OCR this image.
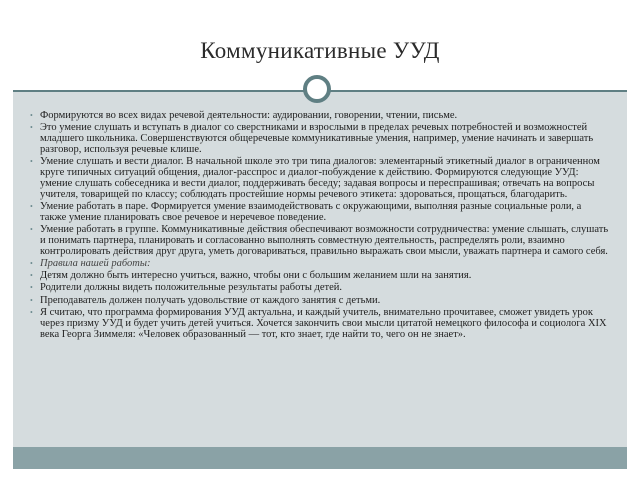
Коммуникативные УУД
• Формируются во всех видах речевой деятельности: аудировании, говорении, чтении, письме.
• Это умение слушать и вступать в диалог со сверстниками и взрослыми в пределах речевых потребностей и возможностей младшего школьника. Совершенствуются общеречевые коммуникативные умения, например, умение начинать и завершать разговор, используя речевые клише.
• Умение слушать и вести диалог. В начальной школе это три типа диалогов: элементарный этикетный диалог в ограниченном круге типичных ситуаций общения, диалог-расспрос и диалог-побуждение к действию. Формируются следующие УУД: умение слушать собеседника и вести диалог, поддерживать беседу; задавая вопросы и переспрашивая; отвечать на вопросы учителя, товарищей по классу; соблюдать простейшие нормы речевого этикета: здороваться, прощаться, благодарить.
• Умение работать в паре. Формируется умение взаимодействовать с окружающими, выполняя разные социальные роли, а также умение планировать свое речевое и неречевое поведение.
• Умение работать в группе. Коммуникативные действия обеспечивают возможности сотрудничества: умение слышать, слушать и понимать партнера, планировать и согласованно выполнять совместную деятельность, распределять роли, взаимно контролировать действия друг друга, уметь договариваться, правильно выражать свои мысли, уважать партнера и самого себя.
• Правила нашей работы:
• Детям должно быть интересно учиться, важно, чтобы они с большим желанием шли на занятия.
• Родители должны видеть положительные результаты работы детей.
• Преподаватель должен получать удовольствие от каждого занятия с детьми.
• Я считаю, что программа формирования УУД актуальна, и каждый учитель, внимательно прочитавее, сможет увидеть урок через призму УУД и будет учить детей учиться. Хочется закончить свои мысли цитатой немецкого философа и социолога XIX века Георга Зиммеля: «Человек образованный — тот, кто знает, где найти то, чего он не знает».
